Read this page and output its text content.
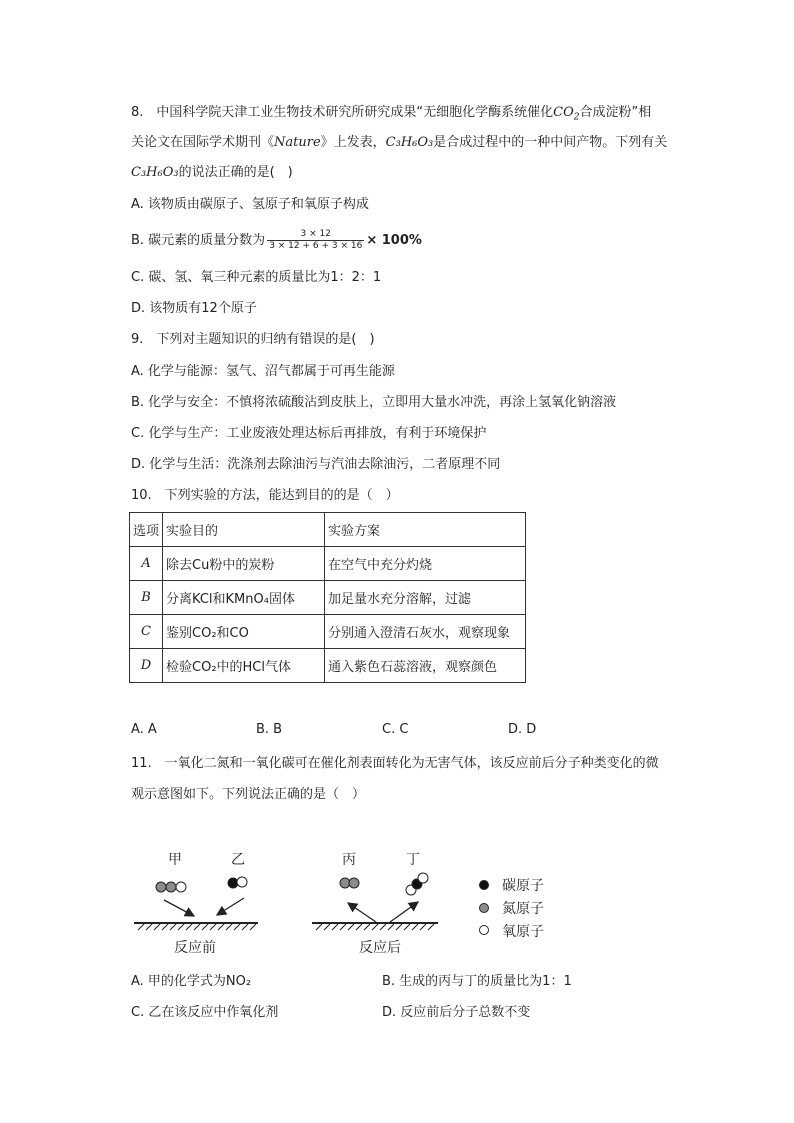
8.　中国科学院天津工业生物技术研究所研究成果“无细胞化学酶系统催化$CO_2$合成淀粉”相
关论文在国际学术期刊《Nature》上发表，C₃H₆O₃是合成过程中的一种中间产物。下列有关
C₃H₆O₃的说法正确的是(　)
A. 该物质由碳原子、氢原子和氧原子构成
B. 碳元素的质量分数为 $\frac{3 \times 12}{3 \times 12 + 6 + 3 \times 16} \times 100\%$
C. 碳、氢、氧三种元素的质量比为1：2：1
D. 该物质有12个原子
9.　下列对主题知识的归纳有错误的是(　)
A. 化学与能源：氢气、沼气都属于可再生能源
B. 化学与安全：不慎将浓硫酸沾到皮肤上，立即用大量水冲洗，再涂上氢氧化钠溶液
C. 化学与生产：工业废液处理达标后再排放，有利于环境保护
D. 化学与生活：洗涤剂去除油污与汽油去除油污，二者原理不同
10.　下列实验的方法，能达到目的的是（　）
选项	实验目的	实验方案
A	除去Cu粉中的炭粉	在空气中充分灼烧
B	分离KCl和KMnO₄固体	加足量水充分溶解，过滤
C	鉴别CO₂和CO	分别通入澄清石灰水，观察现象
D	检验CO₂中的HCl气体	通入紫色石蕊溶液，观察颜色
A. A	B. B	C. C	D. D
11.　一氧化二氮和一氧化碳可在催化剂表面转化为无害气体，该反应前后分子种类变化的微
观示意图如下。下列说法正确的是（　）
甲	乙	丙	丁
反应前	反应后
碳原子
氮原子
氧原子
A. 甲的化学式为NO₂	B. 生成的丙与丁的质量比为1：1
C. 乙在该反应中作氧化剂	D. 反应前后分子总数不变
